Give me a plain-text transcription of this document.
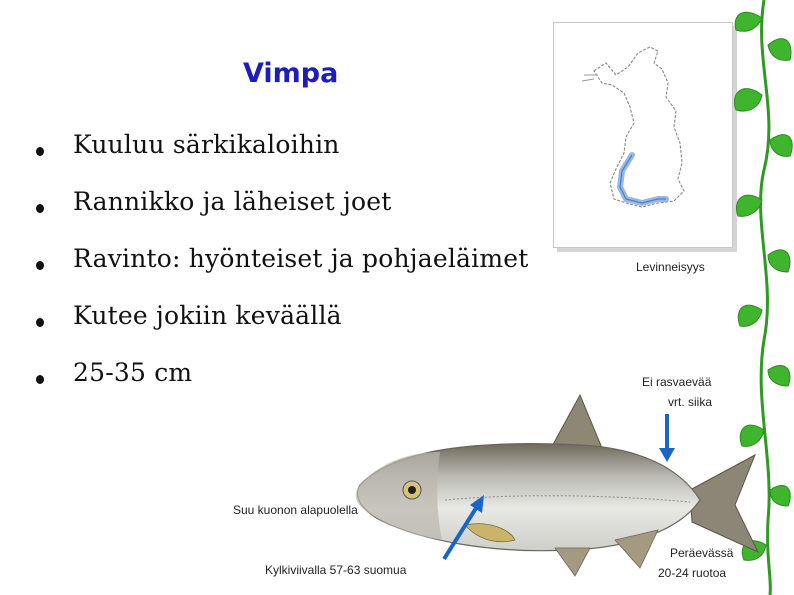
Vimpa
Kuuluu särkikaloihin
Rannikko ja läheiset joet
Ravinto: hyönteiset ja pohjaeläimet
Kutee jokiin keväällä
25-35 cm
Levinneisyys
Ei rasvaevää
vrt. siika
Suu kuonon alapuolella
Kylkiviivalla 57-63 suomua
Peräevässä
20-24 ruotoa
